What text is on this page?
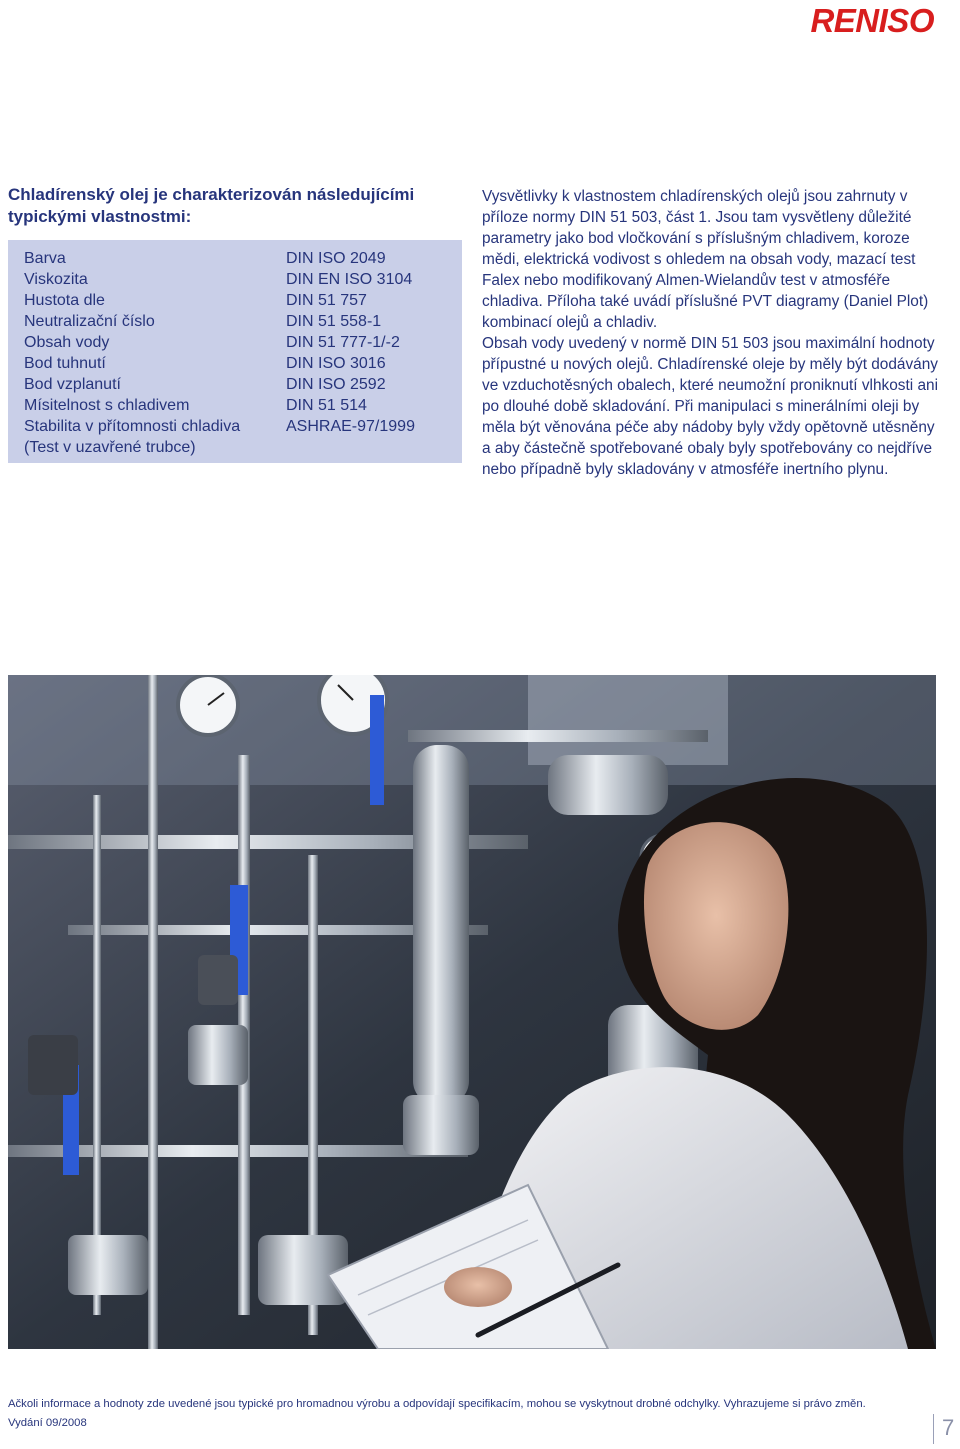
RENISO
Chladírenský olej je charakterizován následujícími typickými vlastnostmi:
Barva	DIN ISO 2049
Viskozita	DIN EN ISO 3104
Hustota dle	DIN 51 757
Neutralizační číslo	DIN 51 558-1
Obsah vody	DIN 51 777-1/-2
Bod tuhnutí	DIN ISO 3016
Bod vzplanutí	DIN ISO 2592
Mísitelnost s chladivem	DIN 51 514
Stabilita v přítomnosti chladiva	ASHRAE-97/1999
(Test v uzavřené trubce)

Vysvětlivky k vlastnostem chladírenských olejů jsou zahrnuty v příloze normy DIN 51 503, část 1. Jsou tam vysvětleny důležité parametry jako bod vločkování s příslušným chladivem, koroze mědi, elektrická vodivost s ohledem na obsah vody, mazací test Falex nebo modifikovaný Almen-Wielandův test v atmosféře chladiva. Příloha také uvádí příslušné PVT diagramy (Daniel Plot) kombinací olejů a chladiv.

Obsah vody uvedený v normě DIN 51 503 jsou maximální hodnoty přípustné u nových olejů. Chladírenské oleje by měly být dodávány ve vzduchotěsných obalech, které neumožní proniknutí vlhkosti ani po dlouhé době skladování. Při manipulaci s minerálními oleji by měla být věnována péče aby nádoby byly vždy opětovně utěsněny a aby částečně spotřebované obaly byly spotřebovány co nejdříve nebo případně byly skladovány v atmosféře inertního plynu.

Ačkoli informace a hodnoty zde uvedené jsou typické pro hromadnou výrobu a odpovídají specifikacím, mohou se vyskytnout drobné odchylky. Vyhrazujeme si právo změn.
Vydání 09/2008	7
